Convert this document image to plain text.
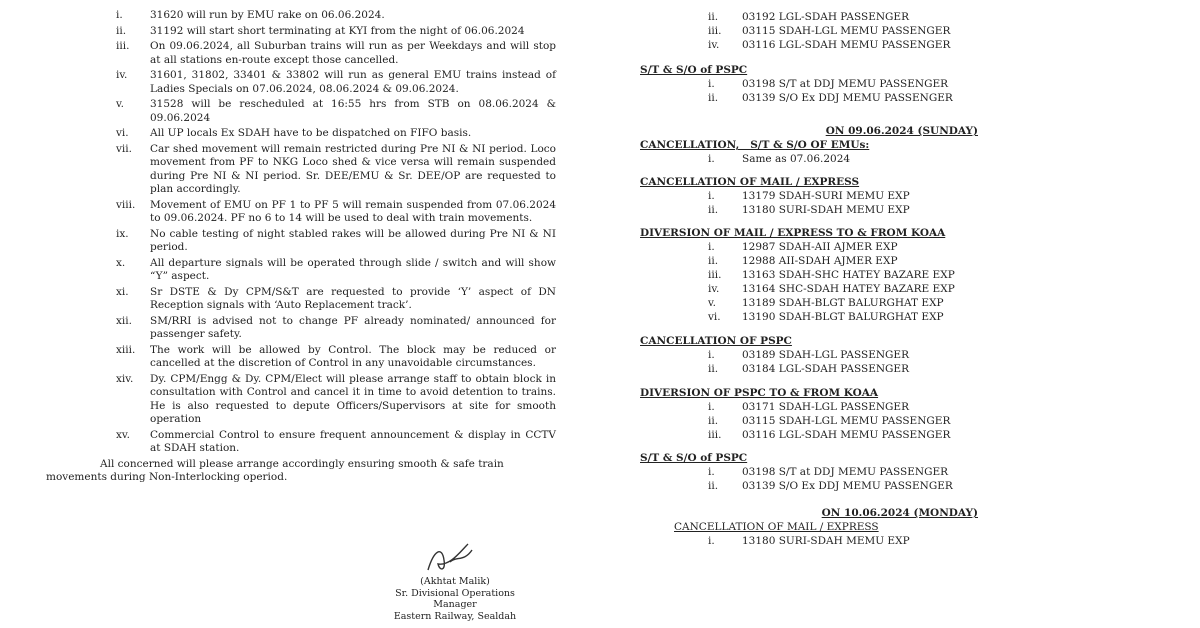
i.	31620 will run by EMU rake on 06.06.2024.
ii. 31192 will start short terminating at KYI from the night of 06.06.2024
iii. On 09.06.2024, all Suburban trains will run as per Weekdays and will stop at all stations en-route except those cancelled.
iv. 31601, 31802, 33401 & 33802 will run as general EMU trains instead of Ladies Specials on 07.06.2024, 08.06.2024 & 09.06.2024.
v. 31528 will be rescheduled at 16:55 hrs from STB on 08.06.2024 & 09.06.2024
vi. All UP locals Ex SDAH have to be dispatched on FIFO basis.
vii. Car shed movement will remain restricted during Pre NI & NI period. Loco movement from PF to NKG Loco shed & vice versa will remain suspended during Pre NI & NI period. Sr. DEE/EMU & Sr. DEE/OP are requested to plan accordingly.
viii. Movement of EMU on PF 1 to PF 5 will remain suspended from 07.06.2024 to 09.06.2024. PF no 6 to 14 will be used to deal with train movements.
ix. No cable testing of night stabled rakes will be allowed during Pre NI & NI period.
x. All departure signals will be operated through slide / switch and will show “Y” aspect.
xi. Sr DSTE & Dy CPM/S&T are requested to provide ‘Y’ aspect of DN Reception signals with ‘Auto Replacement track’.
xii. SM/RRI is advised not to change PF already nominated/ announced for passenger safety.
xiii. The work will be allowed by Control. The block may be reduced or cancelled at the discretion of Control in any unavoidable circumstances.
xiv. Dy. CPM/Engg & Dy. CPM/Elect will please arrange staff to obtain block in consultation with Control and cancel it in time to avoid detention to trains. He is also requested to depute Officers/Supervisors at site for smooth operation
xv. Commercial Control to ensure frequent announcement & display in CCTV at SDAH station.
All concerned will please arrange accordingly ensuring smooth & safe train movements during Non-Interlocking operiod.
(Akhtat Malik)
Sr. Divisional Operations Manager
Eastern Railway, Sealdah
ii. 03192 LGL-SDAH PASSENGER
iii. 03115 SDAH-LGL MEMU PASSENGER
iv. 03116 LGL-SDAH MEMU PASSENGER
S/T & S/O of PSPC
i.	03198 S/T at DDJ MEMU PASSENGER
ii. 03139 S/O Ex DDJ MEMU PASSENGER
ON 09.06.2024 (SUNDAY)
CANCELLATION,   S/T & S/O OF EMUs:
i.	Same as 07.06.2024
CANCELLATION OF MAIL / EXPRESS
i.	13179 SDAH-SURI MEMU EXP
ii. 13180 SURI-SDAH MEMU EXP
DIVERSION OF MAIL / EXPRESS TO & FROM KOAA
i.	12987 SDAH-AII AJMER EXP
ii. 12988 AII-SDAH AJMER EXP
iii. 13163 SDAH-SHC HATEY BAZARE EXP
iv. 13164 SHC-SDAH HATEY BAZARE EXP
v. 13189 SDAH-BLGT BALURGHAT EXP
vi. 13190 SDAH-BLGT BALURGHAT EXP
CANCELLATION OF PSPC
i.	03189 SDAH-LGL PASSENGER
ii. 03184 LGL-SDAH PASSENGER
DIVERSION OF PSPC TO & FROM KOAA
i.	03171 SDAH-LGL PASSENGER
ii. 03115 SDAH-LGL MEMU PASSENGER
iii. 03116 LGL-SDAH MEMU PASSENGER
S/T & S/O of PSPC
i.	03198 S/T at DDJ MEMU PASSENGER
ii. 03139 S/O Ex DDJ MEMU PASSENGER
ON 10.06.2024 (MONDAY)
CANCELLATION OF MAIL / EXPRESS
i.	13180 SURI-SDAH MEMU EXP
